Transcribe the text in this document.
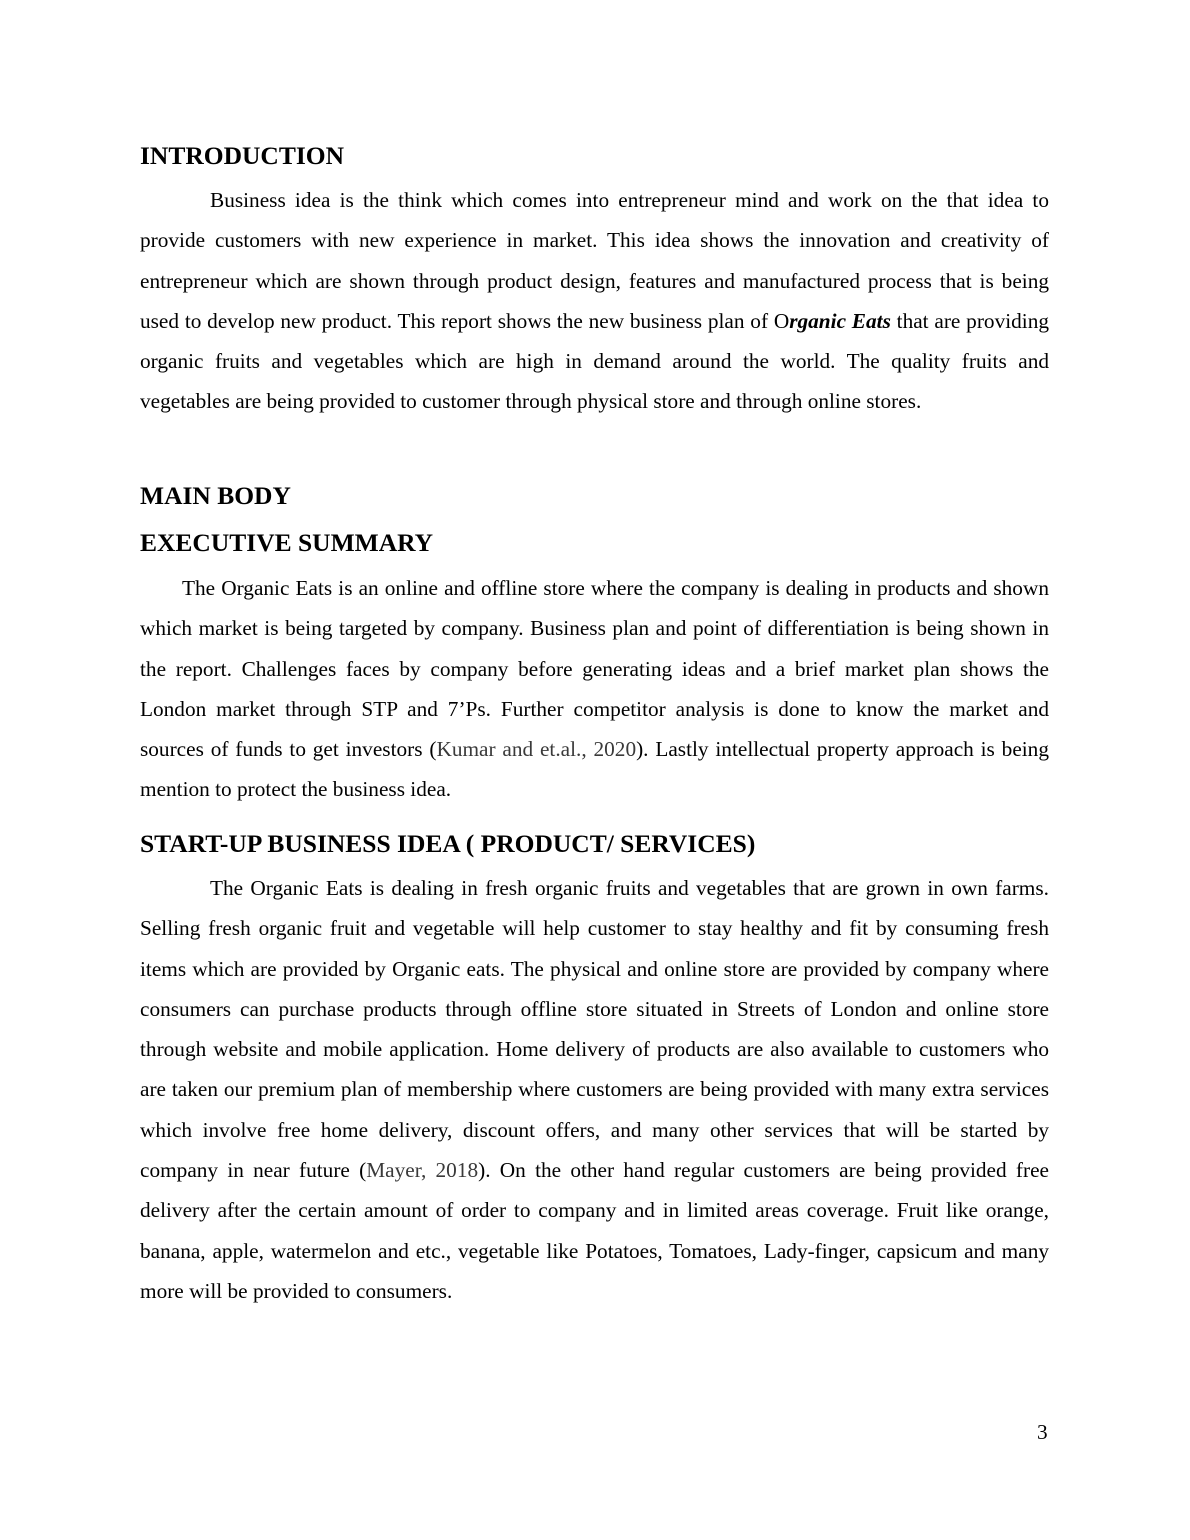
INTRODUCTION

Business idea is the think which comes into entrepreneur mind and work on the that idea to provide customers with new experience in market. This idea shows the innovation and creativity of entrepreneur which are shown through product design, features and manufactured process that is being used to develop new product. This report shows the new business plan of Organic Eats that are providing organic fruits and vegetables which are high in demand around the world. The quality fruits and vegetables are being provided to customer through physical store and through online stores.

MAIN BODY
EXECUTIVE SUMMARY

The Organic Eats is an online and offline store where the company is dealing in products and shown which market is being targeted by company. Business plan and point of differentiation is being shown in the report. Challenges faces by company before generating ideas and a brief market plan shows the London market through STP and 7’Ps. Further competitor analysis is done to know the market and sources of funds to get investors (Kumar and et.al., 2020). Lastly intellectual property approach is being mention to protect the business idea.

START-UP BUSINESS IDEA ( PRODUCT/ SERVICES)

The Organic Eats is dealing in fresh organic fruits and vegetables that are grown in own farms. Selling fresh organic fruit and vegetable will help customer to stay healthy and fit by consuming fresh items which are provided by Organic eats. The physical and online store are provided by company where consumers can purchase products through offline store situated in Streets of London and online store through website and mobile application. Home delivery of products are also available to customers who are taken our premium plan of membership where customers are being provided with many extra services which involve free home delivery, discount offers, and many other services that will be started by company in near future (Mayer, 2018). On the other hand regular customers are being provided free delivery after the certain amount of order to company and in limited areas coverage. Fruit like orange, banana, apple, watermelon and etc., vegetable like Potatoes, Tomatoes, Lady-finger, capsicum and many more will be provided to consumers.

3
